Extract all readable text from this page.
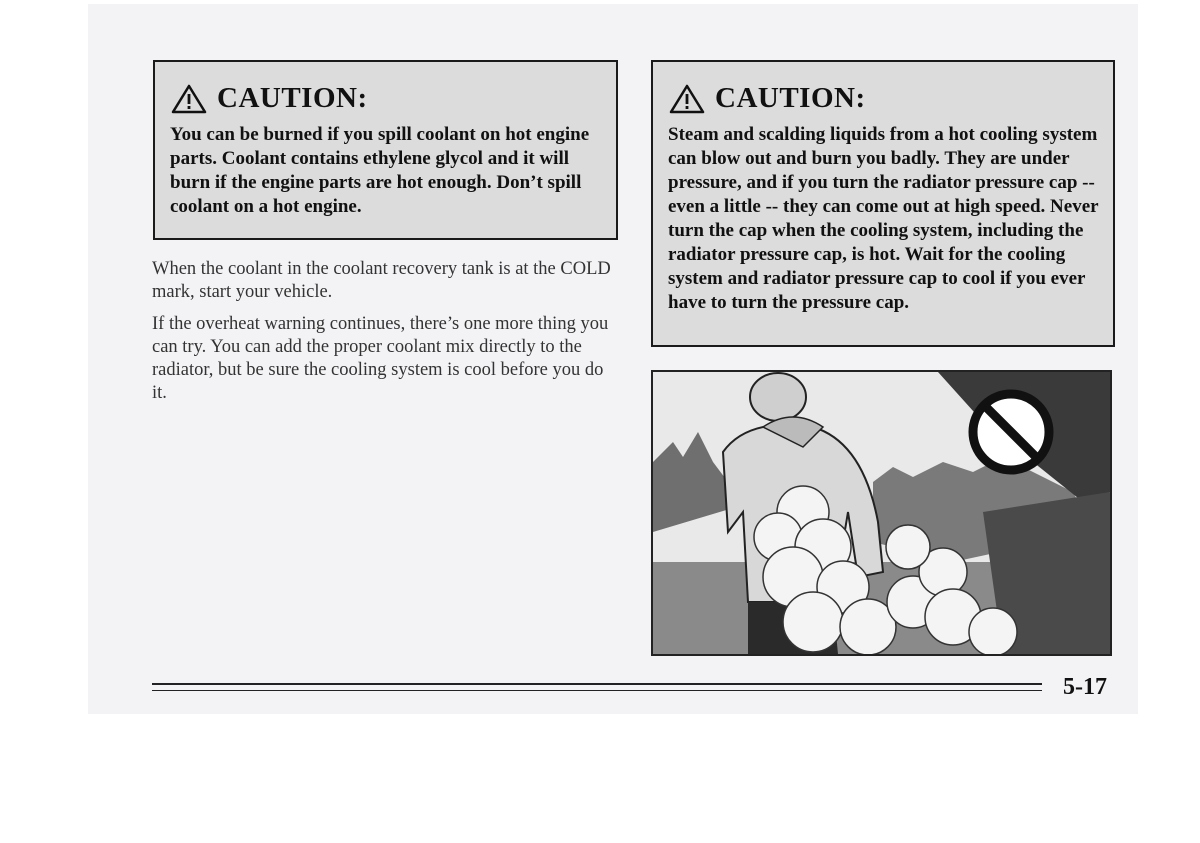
CAUTION:
You can be burned if you spill coolant on hot engine parts. Coolant contains ethylene glycol and it will burn if the engine parts are hot enough. Don’t spill coolant on a hot engine.
When the coolant in the coolant recovery tank is at the COLD mark, start your vehicle.
If the overheat warning continues, there’s one more thing you can try. You can add the proper coolant mix directly to the radiator, but be sure the cooling system is cool before you do it.
CAUTION:
Steam and scalding liquids from a hot cooling system can blow out and burn you badly. They are under pressure, and if you turn the radiator pressure cap -- even a little -- they can come out at high speed. Never turn the cap when the cooling system, including the radiator pressure cap, is hot. Wait for the cooling system and radiator pressure cap to cool if you ever have to turn the pressure cap.
5-17
